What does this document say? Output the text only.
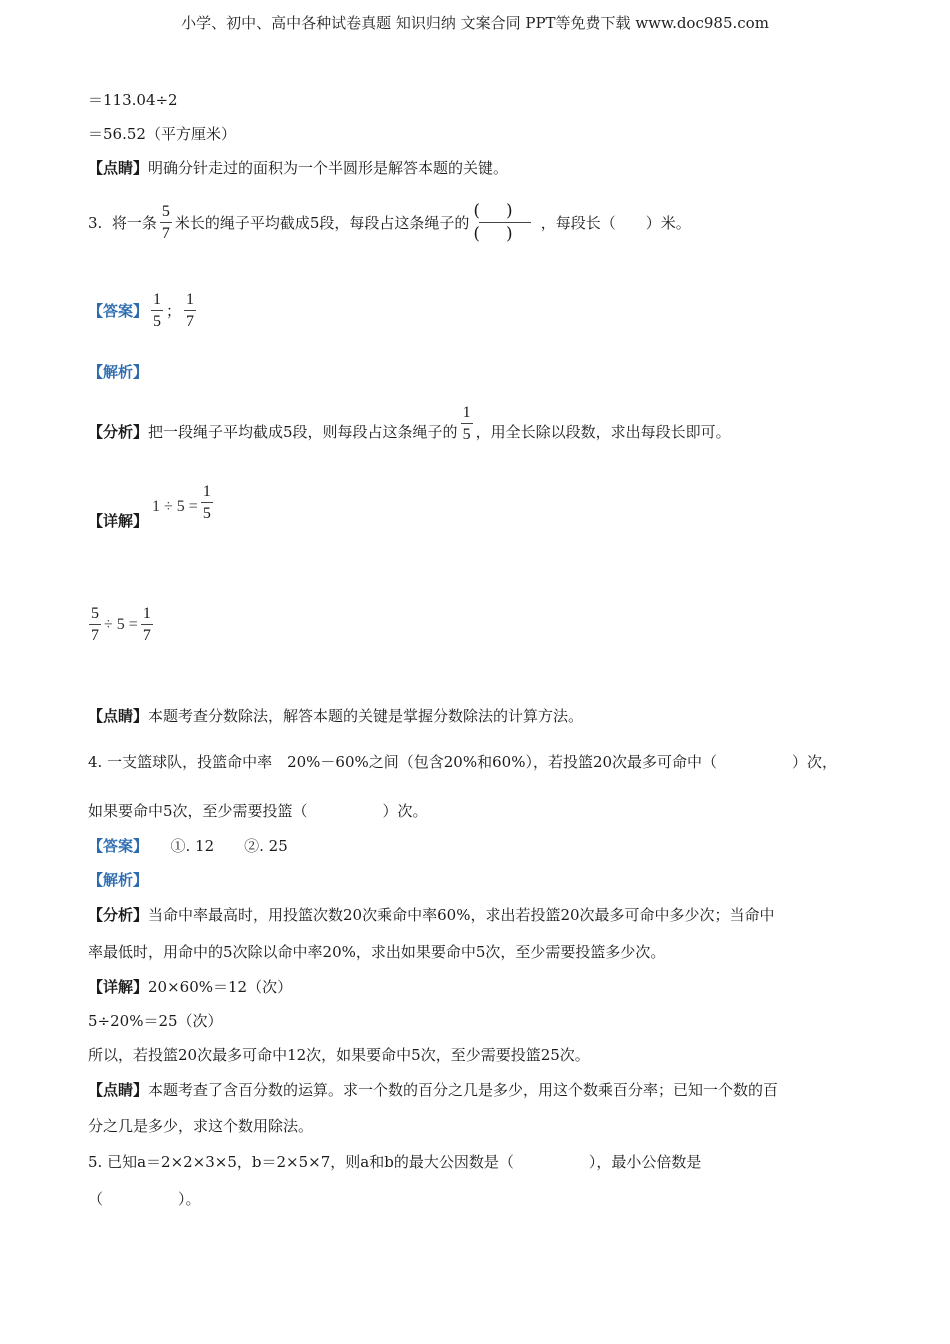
小学、初中、高中各种试卷真题 知识归纳 文案合同 PPT等免费下载 www.doc985.com
＝113.04÷2
＝56.52（平方厘米）
【点睛】明确分针走过的面积为一个半圆形是解答本题的关键。
3.
将一条 $\frac{5}{7}$ 米长的绳子平均截成5段，每段占这条绳子的
()
()
，每段长（　　）米。
【答案】 $\frac{1}{5}$ ； $\frac{1}{7}$
【解析】
【分析】 把一段绳子平均截成5段，则每段占这条绳子的 $\frac{1}{5}$ ，用全长除以段数，求出每段长即可。
【详解】
$1 \div 5 = \frac{1}{5}$
$\frac{5}{7} \div 5 = \frac{1}{7}$
【点睛】本题考查分数除法，解答本题的关键是掌握分数除法的计算方法。
4. 一支篮球队，投篮命中率　20%－60%之间（包含20%和60%），若投篮20次最多可命中（　　　　　）次，
如果要命中5次，至少需要投篮（　　　　　）次。
【答案】　　①. 12　　②. 25
【解析】
【分析】当命中率最高时，用投篮次数20次乘命中率60%，求出若投篮20次最多可命中多少次；当命中
率最低时，用命中的5次除以命中率20%，求出如果要命中5次，至少需要投篮多少次。
【详解】20×60%＝12（次）
5÷20%＝25（次）
所以，若投篮20次最多可命中12次，如果要命中5次，至少需要投篮25次。
【点睛】本题考查了含百分数的运算。求一个数的百分之几是多少，用这个数乘百分率；已知一个数的百
分之几是多少，求这个数用除法。
5. 已知a＝2×2×3×5，b＝2×5×7，则a和b的最大公因数是（　　　　　），最小公倍数是
（　　　　　）。
